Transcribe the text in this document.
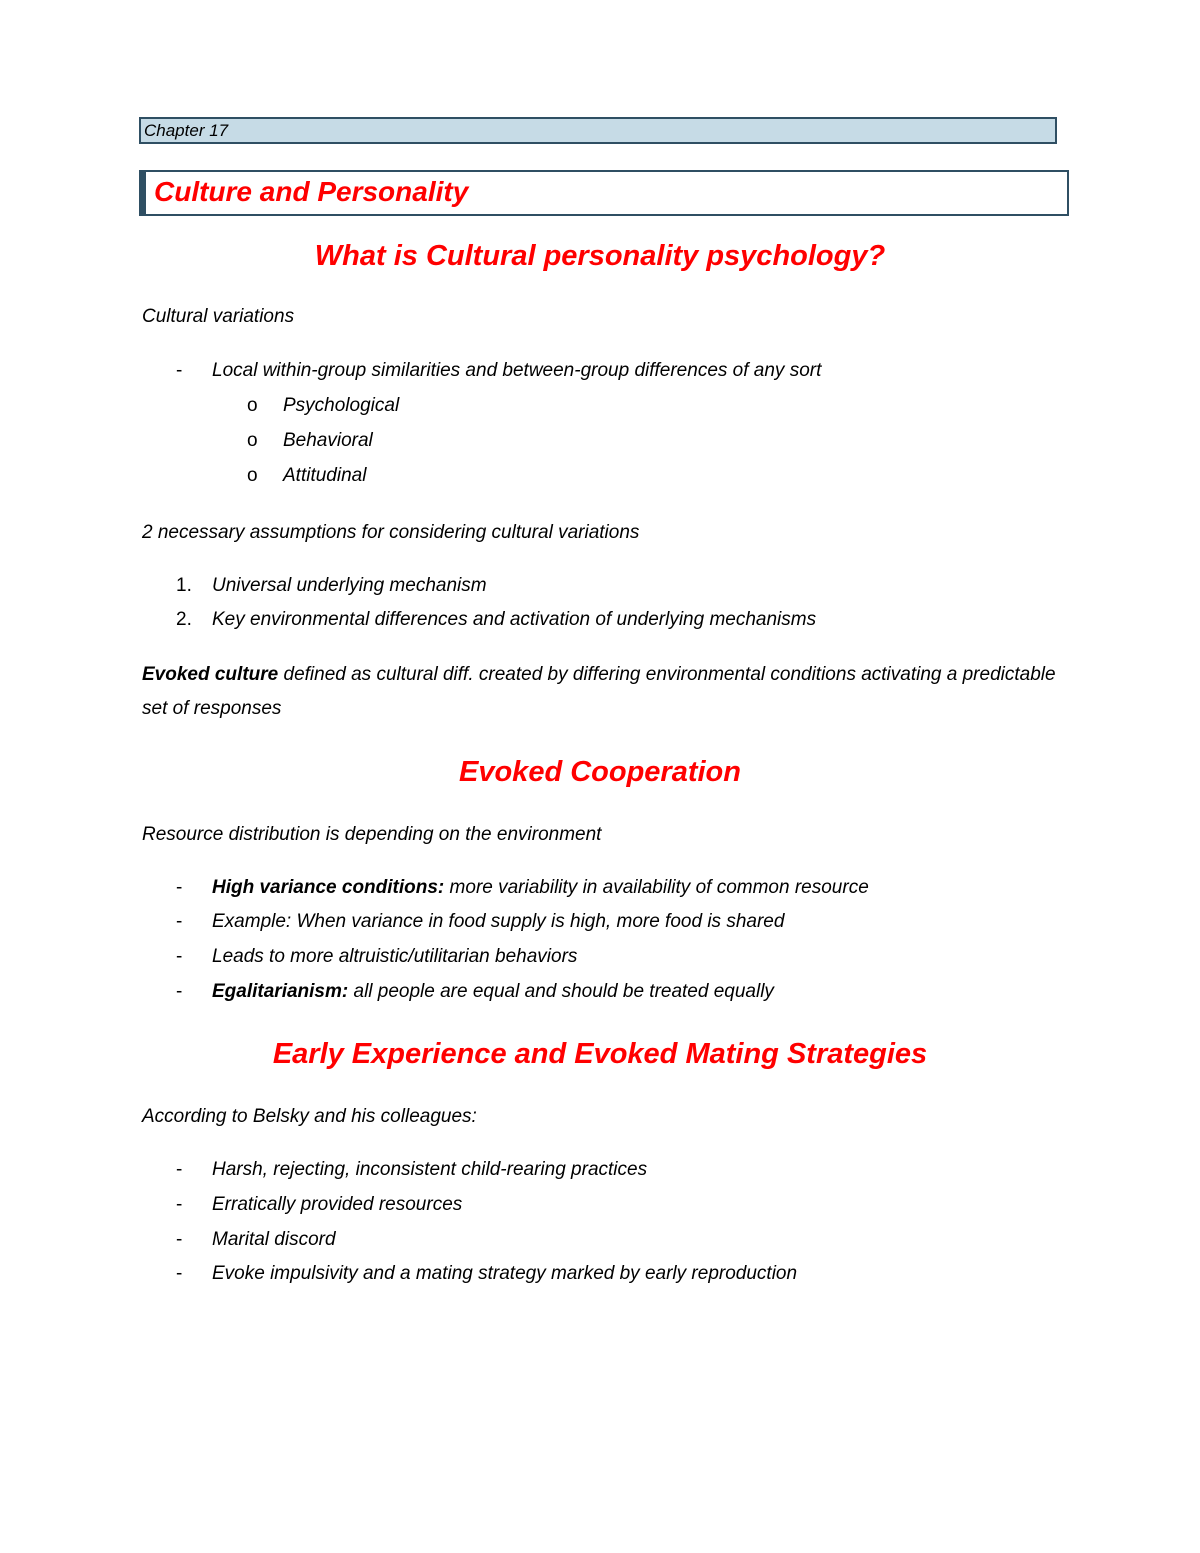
Chapter 17
Culture and Personality
What is Cultural personality psychology?
Cultural variations
- Local within-group similarities and between-group differences of any sort
o Psychological
o Behavioral
o Attitudinal
2 necessary assumptions for considering cultural variations
1. Universal underlying mechanism
2. Key environmental differences and activation of underlying mechanisms
Evoked culture defined as cultural diff. created by differing environmental conditions activating a predictable set of responses
Evoked Cooperation
Resource distribution is depending on the environment
- High variance conditions: more variability in availability of common resource
- Example: When variance in food supply is high, more food is shared
- Leads to more altruistic/utilitarian behaviors
- Egalitarianism: all people are equal and should be treated equally
Early Experience and Evoked Mating Strategies
According to Belsky and his colleagues:
- Harsh, rejecting, inconsistent child-rearing practices
- Erratically provided resources
- Marital discord
- Evoke impulsivity and a mating strategy marked by early reproduction
